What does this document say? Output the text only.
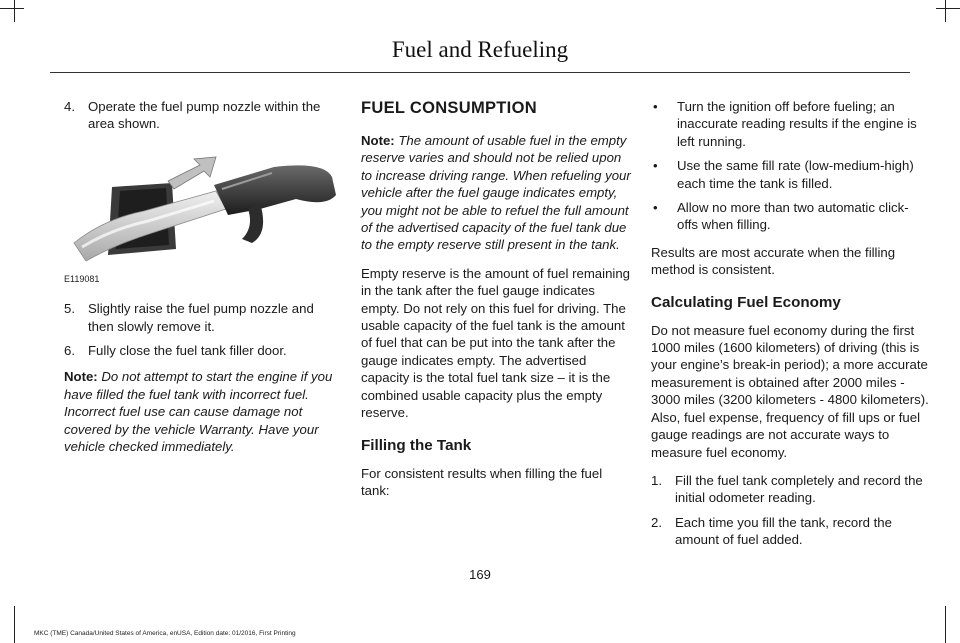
Fuel and Refueling
4. Operate the fuel pump nozzle within the area shown.
E119081
5. Slightly raise the fuel pump nozzle and then slowly remove it.
6. Fully close the fuel tank filler door.

Note: Do not attempt to start the engine if you have filled the fuel tank with incorrect fuel. Incorrect fuel use can cause damage not covered by the vehicle Warranty. Have your vehicle checked immediately.

FUEL CONSUMPTION

Note: The amount of usable fuel in the empty reserve varies and should not be relied upon to increase driving range. When refueling your vehicle after the fuel gauge indicates empty, you might not be able to refuel the full amount of the advertised capacity of the fuel tank due to the empty reserve still present in the tank.

Empty reserve is the amount of fuel remaining in the tank after the fuel gauge indicates empty. Do not rely on this fuel for driving. The usable capacity of the fuel tank is the amount of fuel that can be put into the tank after the gauge indicates empty. The advertised capacity is the total fuel tank size – it is the combined usable capacity plus the empty reserve.

Filling the Tank

For consistent results when filling the fuel tank:

• Turn the ignition off before fueling; an inaccurate reading results if the engine is left running.
• Use the same fill rate (low-medium-high) each time the tank is filled.
• Allow no more than two automatic click-offs when filling.

Results are most accurate when the filling method is consistent.

Calculating Fuel Economy

Do not measure fuel economy during the first 1000 miles (1600 kilometers) of driving (this is your engine’s break-in period); a more accurate measurement is obtained after 2000 miles - 3000 miles (3200 kilometers - 4800 kilometers). Also, fuel expense, frequency of fill ups or fuel gauge readings are not accurate ways to measure fuel economy.

1. Fill the fuel tank completely and record the initial odometer reading.
2. Each time you fill the tank, record the amount of fuel added.
169
MKC (TME) Canada/United States of America, enUSA, Edition date: 01/2016, First Printing
